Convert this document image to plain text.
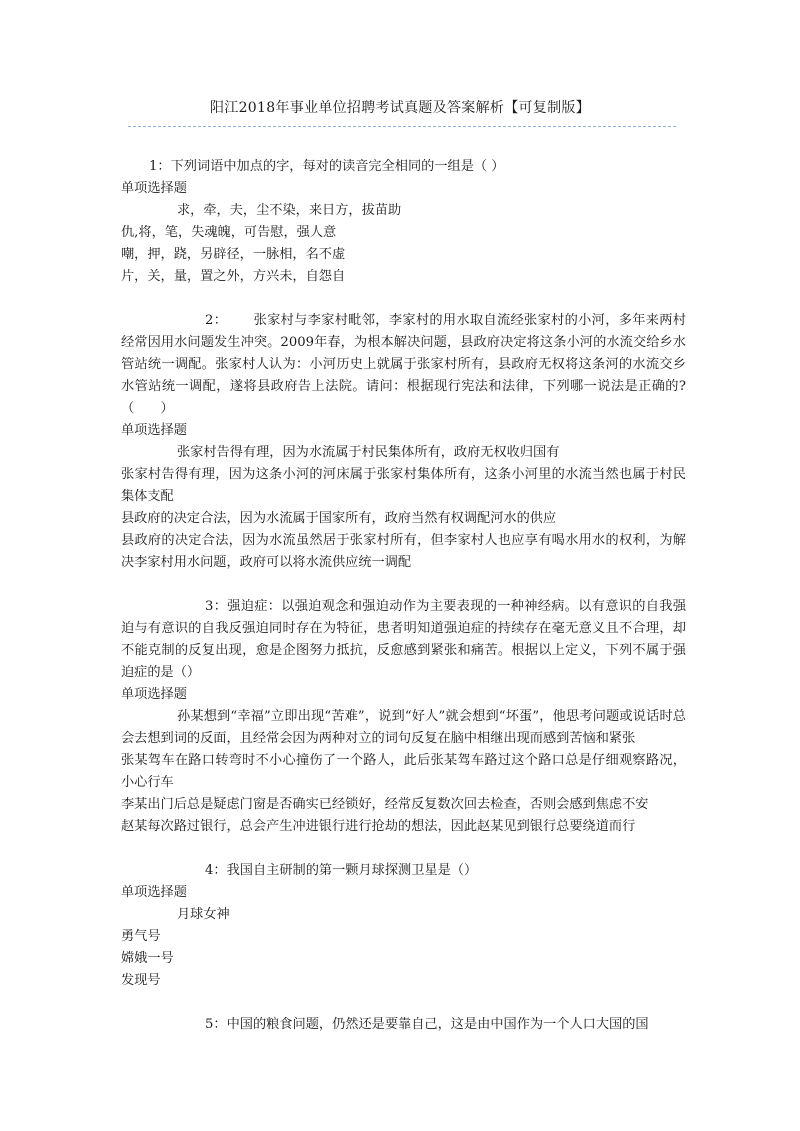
阳江2018年事业单位招聘考试真题及答案解析【可复制版】

1：下列词语中加点的字，每对的读音完全相同的一组是（ ）

单项选择题

求，牵，夫，尘不染，来日方，拔苗助

仇,将，笔，失魂魄，可告慰，强人意

嘲，押，跷，另辟径，一脉相，名不虚

片，关，量，置之外，方兴未，自怨自

2： 张家村与李家村毗邻，李家村的用水取自流经张家村的小河，多年来两村经常因用水问题发生冲突。2009年春，为根本解决问题，县政府决定将这条小河的水流交给乡水管站统一调配。张家村人认为：小河历史上就属于张家村所有，县政府无权将这条河的水流交乡水管站统一调配，遂将县政府告上法院。请问：根据现行宪法和法律，下列哪一说法是正确的?（　　）

单项选择题

张家村告得有理，因为水流属于村民集体所有，政府无权收归国有

张家村告得有理，因为这条小河的河床属于张家村集体所有，这条小河里的水流当然也属于村民集体支配

县政府的决定合法，因为水流属于国家所有，政府当然有权调配河水的供应

县政府的决定合法，因为水流虽然居于张家村所有，但李家村人也应享有喝水用水的权利，为解决李家村用水问题，政府可以将水流供应统一调配

3：强迫症：以强迫观念和强迫动作为主要表现的一种神经病。以有意识的自我强迫与有意识的自我反强迫同时存在为特征，患者明知道强迫症的持续存在毫无意义且不合理，却不能克制的反复出现，愈是企图努力抵抗，反愈感到紧张和痛苦。根据以上定义，下列不属于强迫症的是（）

单项选择题

孙某想到“幸福”立即出现“苦难”，说到“好人”就会想到“坏蛋”，他思考问题或说话时总会去想到词的反面，且经常会因为两种对立的词句反复在脑中相继出现而感到苦恼和紧张

张某驾车在路口转弯时不小心撞伤了一个路人，此后张某驾车路过这个路口总是仔细观察路况，小心行车

李某出门后总是疑虑门窗是否确实已经锁好，经常反复数次回去检查，否则会感到焦虑不安

赵某每次路过银行，总会产生冲进银行进行抢劫的想法，因此赵某见到银行总要绕道而行

4：我国自主研制的第一颗月球探测卫星是（）

单项选择题

月球女神

勇气号

嫦娥一号

发现号

5：中国的粮食问题，仍然还是要靠自己，这是由中国作为一个人口大国的国
